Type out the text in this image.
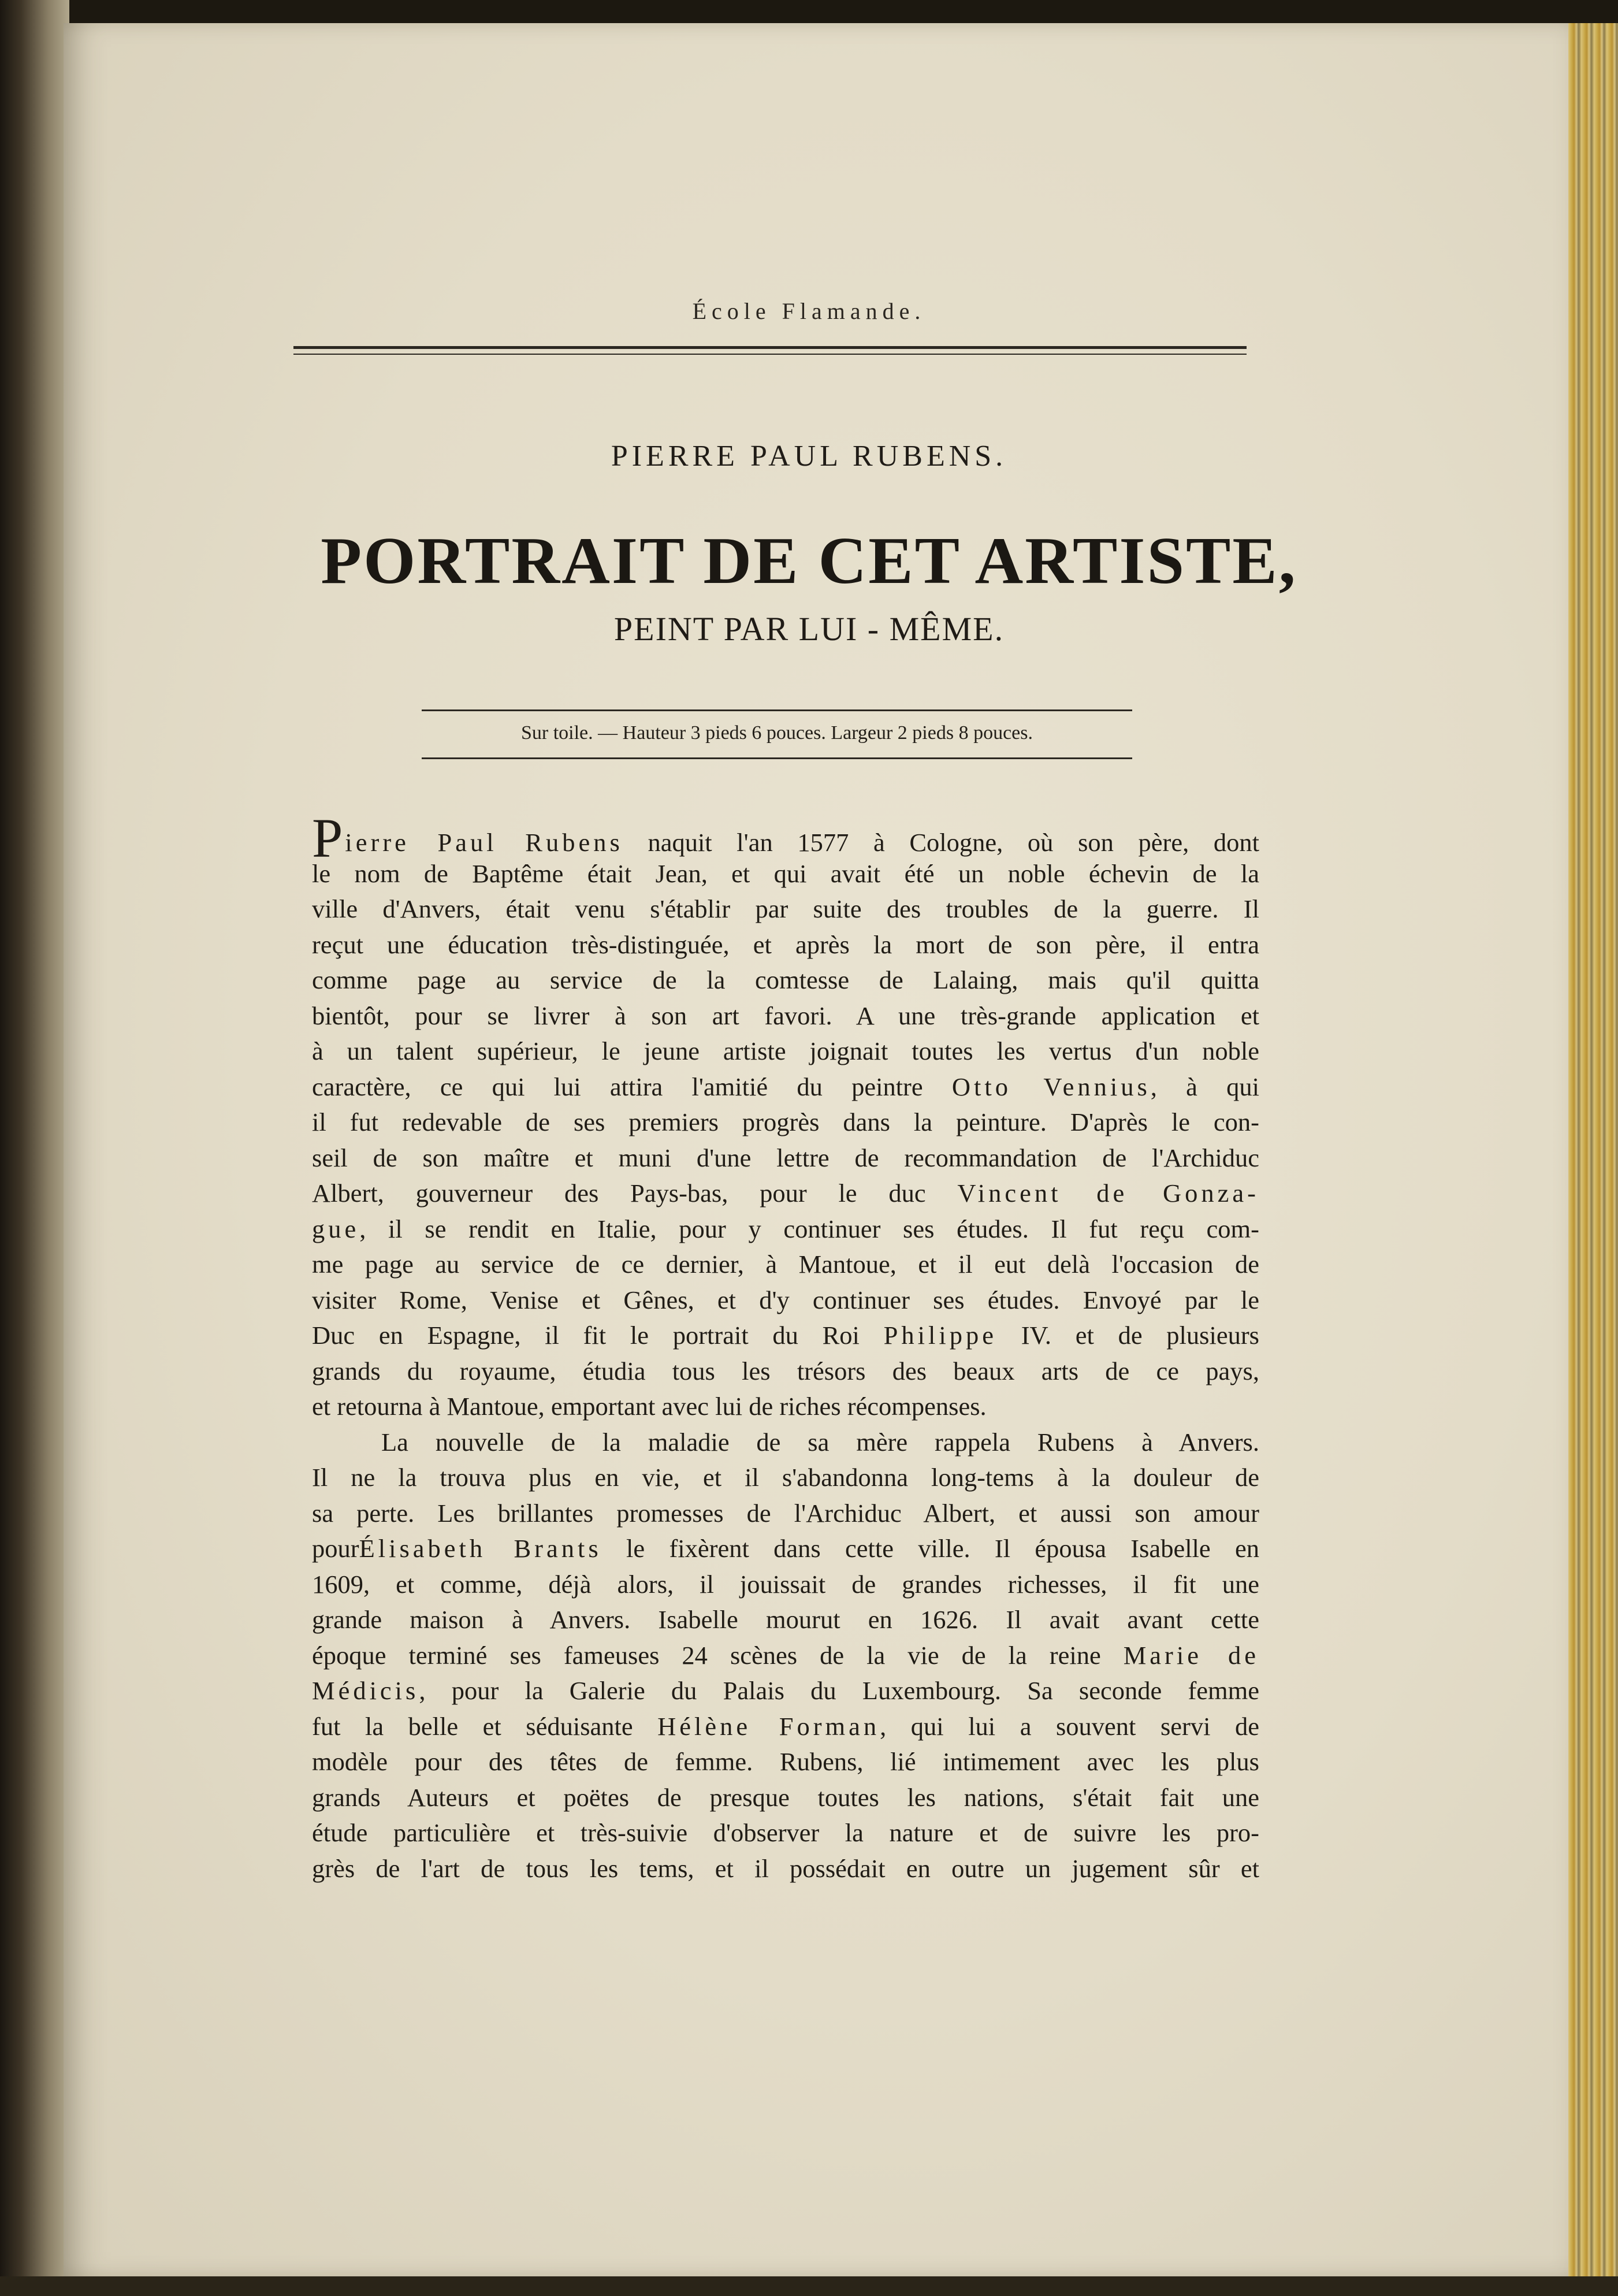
École Flamande.
PIERRE PAUL RUBENS.
PORTRAIT DE CET ARTISTE,
PEINT PAR LUI - MÊME.
Sur toile. — Hauteur 3 pieds 6 pouces. Largeur 2 pieds 8 pouces.
Pierre Paul Rubens naquit l'an 1577 à Cologne, où son père, dont
le nom de Baptême était Jean, et qui avait été un noble échevin de la
ville d'Anvers, était venu s'établir par suite des troubles de la guerre. Il
reçut une éducation très-distinguée, et après la mort de son père, il entra
comme page au service de la comtesse de Lalaing, mais qu'il quitta
bientôt, pour se livrer à son art favori. A une très-grande application et
à un talent supérieur, le jeune artiste joignait toutes les vertus d'un noble
caractère, ce qui lui attira l'amitié du peintre Otto Vennius, à qui
il fut redevable de ses premiers progrès dans la peinture. D'après le con-
seil de son maître et muni d'une lettre de recommandation de l'Archiduc
Albert, gouverneur des Pays-bas, pour le duc Vincent de Gonza-
gue, il se rendit en Italie, pour y continuer ses études. Il fut reçu com-
me page au service de ce dernier, à Mantoue, et il eut delà l'occasion de
visiter Rome, Venise et Gênes, et d'y continuer ses études. Envoyé par le
Duc en Espagne, il fit le portrait du Roi Philippe IV. et de plusieurs
grands du royaume, étudia tous les trésors des beaux arts de ce pays,
et retourna à Mantoue, emportant avec lui de riches récompenses.
La nouvelle de la maladie de sa mère rappela Rubens à Anvers.
Il ne la trouva plus en vie, et il s'abandonna long-tems à la douleur de
sa perte. Les brillantes promesses de l'Archiduc Albert, et aussi son amour
pourÉlisabeth Brants le fixèrent dans cette ville. Il épousa Isabelle en
1609, et comme, déjà alors, il jouissait de grandes richesses, il fit une
grande maison à Anvers. Isabelle mourut en 1626. Il avait avant cette
époque terminé ses fameuses 24 scènes de la vie de la reine Marie de
Médicis, pour la Galerie du Palais du Luxembourg. Sa seconde femme
fut la belle et séduisante Hélène Forman, qui lui a souvent servi de
modèle pour des têtes de femme. Rubens, lié intimement avec les plus
grands Auteurs et poëtes de presque toutes les nations, s'était fait une
étude particulière et très-suivie d'observer la nature et de suivre les pro-
grès de l'art de tous les tems, et il possédait en outre un jugement sûr et
